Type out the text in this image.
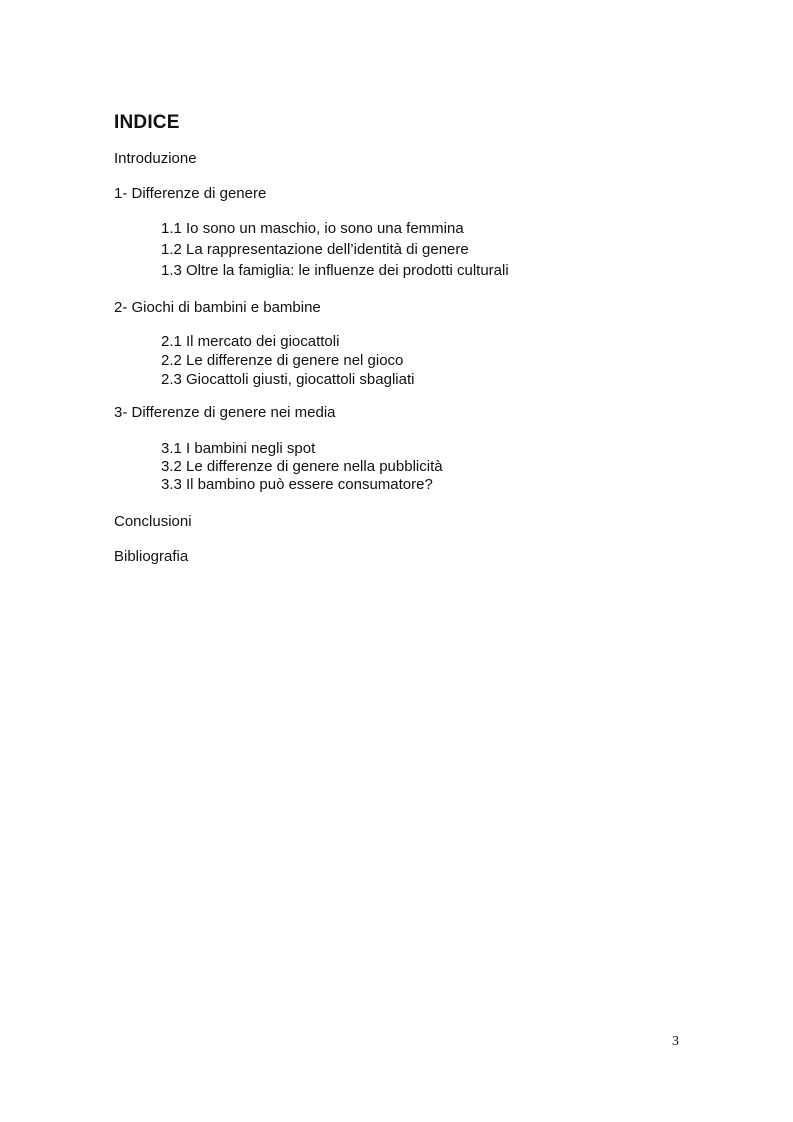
INDICE
Introduzione
1- Differenze di genere
1.1 Io sono un maschio, io sono una femmina
1.2 La rappresentazione dell’identità di genere
1.3 Oltre la famiglia: le influenze dei prodotti culturali
2- Giochi di bambini e bambine
2.1 Il mercato dei giocattoli
2.2 Le differenze di genere nel gioco
2.3 Giocattoli giusti, giocattoli sbagliati
3- Differenze di genere nei media
3.1 I bambini negli spot
3.2 Le differenze di genere nella pubblicità
3.3 Il bambino può essere consumatore?
Conclusioni
Bibliografia
3
